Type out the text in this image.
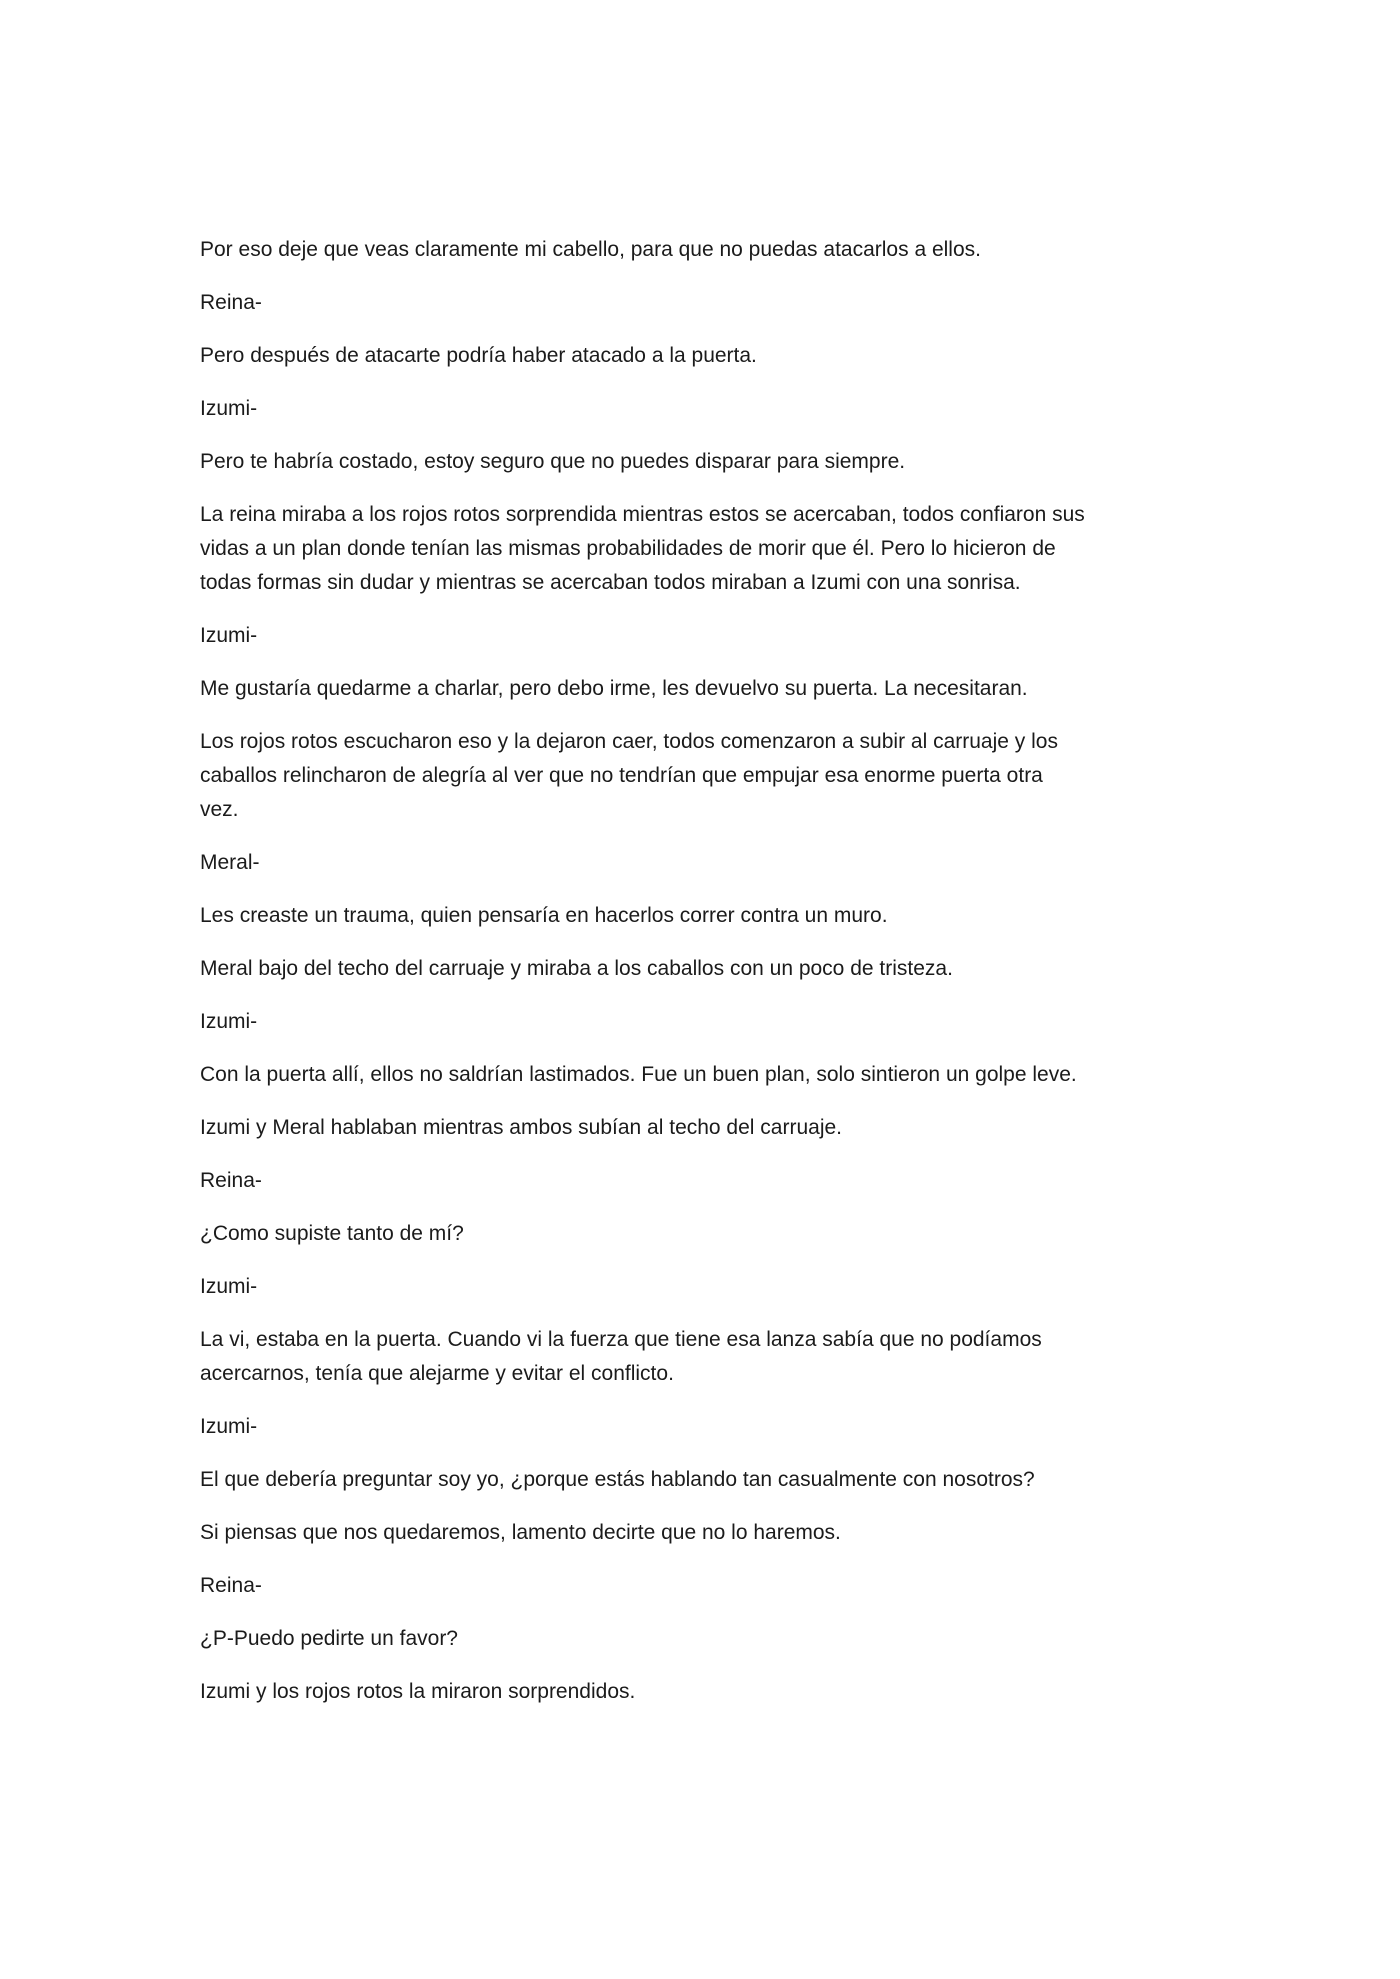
Por eso deje que veas claramente mi cabello, para que no puedas atacarlos a ellos.

Reina-

Pero después de atacarte podría haber atacado a la puerta.

Izumi-

Pero te habría costado, estoy seguro que no puedes disparar para siempre.

La reina miraba a los rojos rotos sorprendida mientras estos se acercaban, todos confiaron sus
vidas a un plan donde tenían las mismas probabilidades de morir que él. Pero lo hicieron de
todas formas sin dudar y mientras se acercaban todos miraban a Izumi con una sonrisa.

Izumi-

Me gustaría quedarme a charlar, pero debo irme, les devuelvo su puerta. La necesitaran.

Los rojos rotos escucharon eso y la dejaron caer, todos comenzaron a subir al carruaje y los
caballos relincharon de alegría al ver que no tendrían que empujar esa enorme puerta otra
vez.

Meral-

Les creaste un trauma, quien pensaría en hacerlos correr contra un muro.

Meral bajo del techo del carruaje y miraba a los caballos con un poco de tristeza.

Izumi-

Con la puerta allí, ellos no saldrían lastimados. Fue un buen plan, solo sintieron un golpe leve.

Izumi y Meral hablaban mientras ambos subían al techo del carruaje.

Reina-

¿Como supiste tanto de mí?

Izumi-

La vi, estaba en la puerta. Cuando vi la fuerza que tiene esa lanza sabía que no podíamos
acercarnos, tenía que alejarme y evitar el conflicto.

Izumi-

El que debería preguntar soy yo, ¿porque estás hablando tan casualmente con nosotros?

Si piensas que nos quedaremos, lamento decirte que no lo haremos.

Reina-

¿P-Puedo pedirte un favor?

Izumi y los rojos rotos la miraron sorprendidos.
